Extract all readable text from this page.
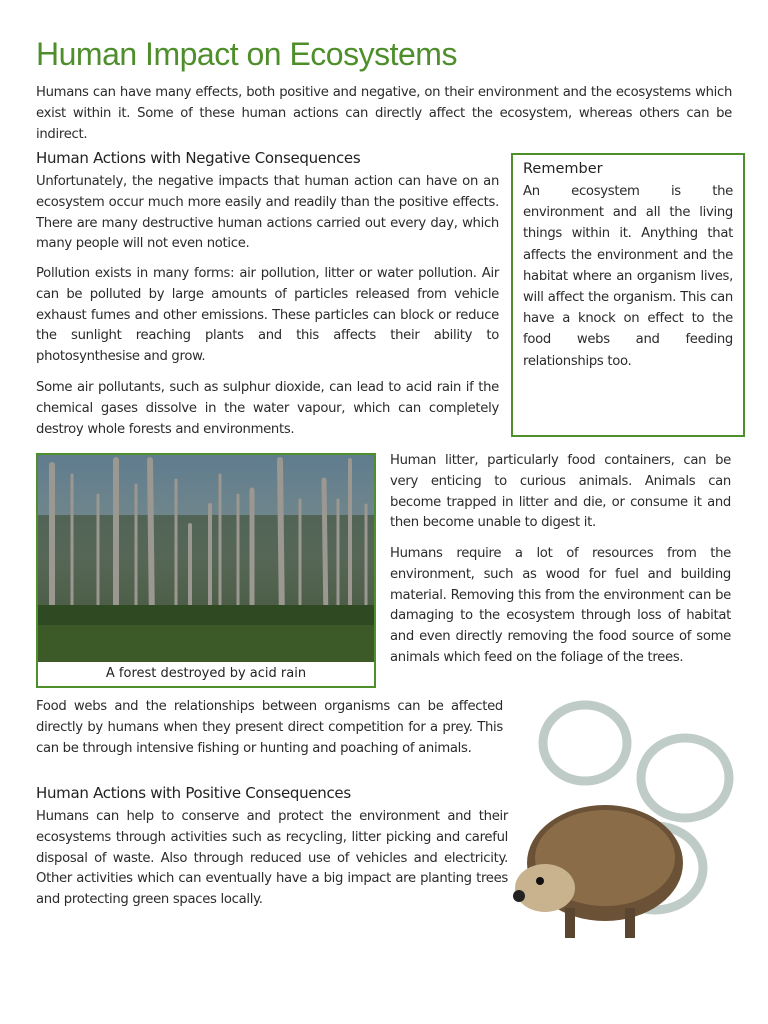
Human Impact on Ecosystems

Humans can have many effects, both positive and negative, on their environment and the ecosystems which exist within it. Some of these human actions can directly affect the ecosystem, whereas others can be indirect.

Human Actions with Negative Consequences

Unfortunately, the negative impacts that human action can have on an ecosystem occur much more easily and readily than the positive effects. There are many destructive human actions carried out every day, which many people will not even notice.

Pollution exists in many forms: air pollution, litter or water pollution. Air can be polluted by large amounts of particles released from vehicle exhaust fumes and other emissions. These particles can block or reduce the sunlight reaching plants and this affects their ability to photosynthesise and grow.

Some air pollutants, such as sulphur dioxide, can lead to acid rain if the chemical gases dissolve in the water vapour, which can completely destroy whole forests and environments.

Remember

An ecosystem is the environment and all the living things within it. Anything that affects the environment and the habitat where an organism lives, will affect the organism. This can have a knock on effect to the food webs and feeding relationships too.

A forest destroyed by acid rain

Human litter, particularly food containers, can be very enticing to curious animals. Animals can become trapped in litter and die, or consume it and then become unable to digest it.

Humans require a lot of resources from the environment, such as wood for fuel and building material. Removing this from the environment can be damaging to the ecosystem through loss of habitat and even directly removing the food source of some animals which feed on the foliage of the trees.

Food webs and the relationships between organisms can be affected directly by humans when they present direct competition for a prey. This can be through intensive fishing or hunting and poaching of animals.

Human Actions with Positive Consequences

Humans can help to conserve and protect the environment and their ecosystems through activities such as recycling, litter picking and careful disposal of waste. Also through reduced use of vehicles and electricity. Other activities which can eventually have a big impact are planting trees and protecting green spaces locally.
